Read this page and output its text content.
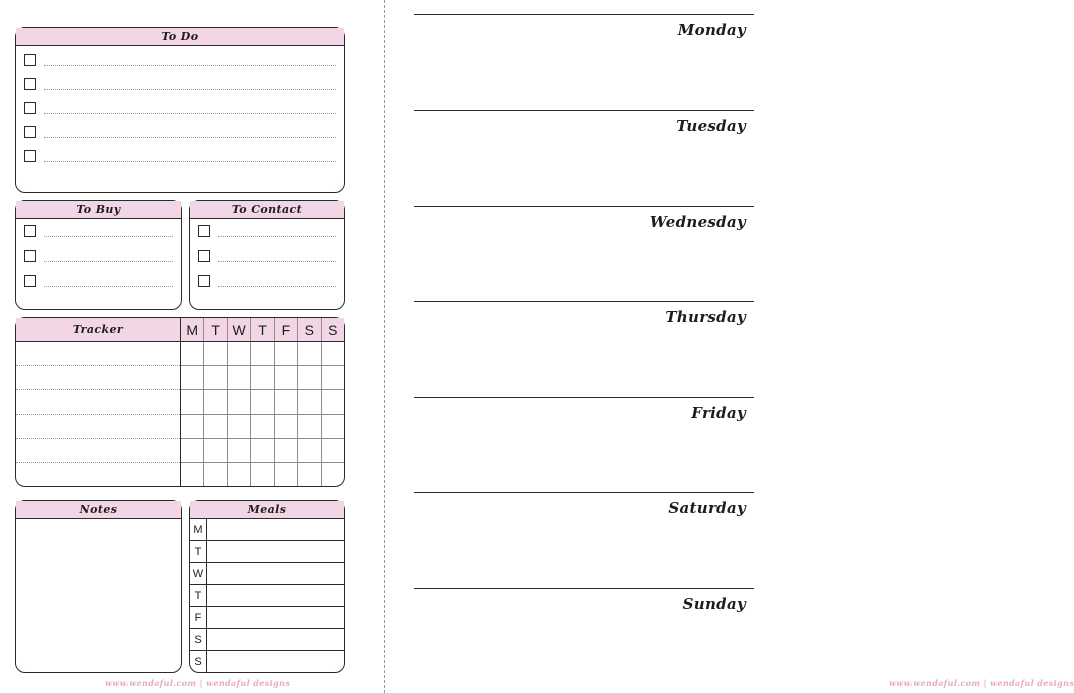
To Do
To Buy	To Contact
Tracker	M T W T	F	S	S
Notes	Meals
M
T
W
T
F
S
S
www.wendaful.com | wendaful designs
Monday
Tuesday
Wednesday
Thursday
Friday
Saturday
Sunday
www.wendaful.com | wendaful designs
